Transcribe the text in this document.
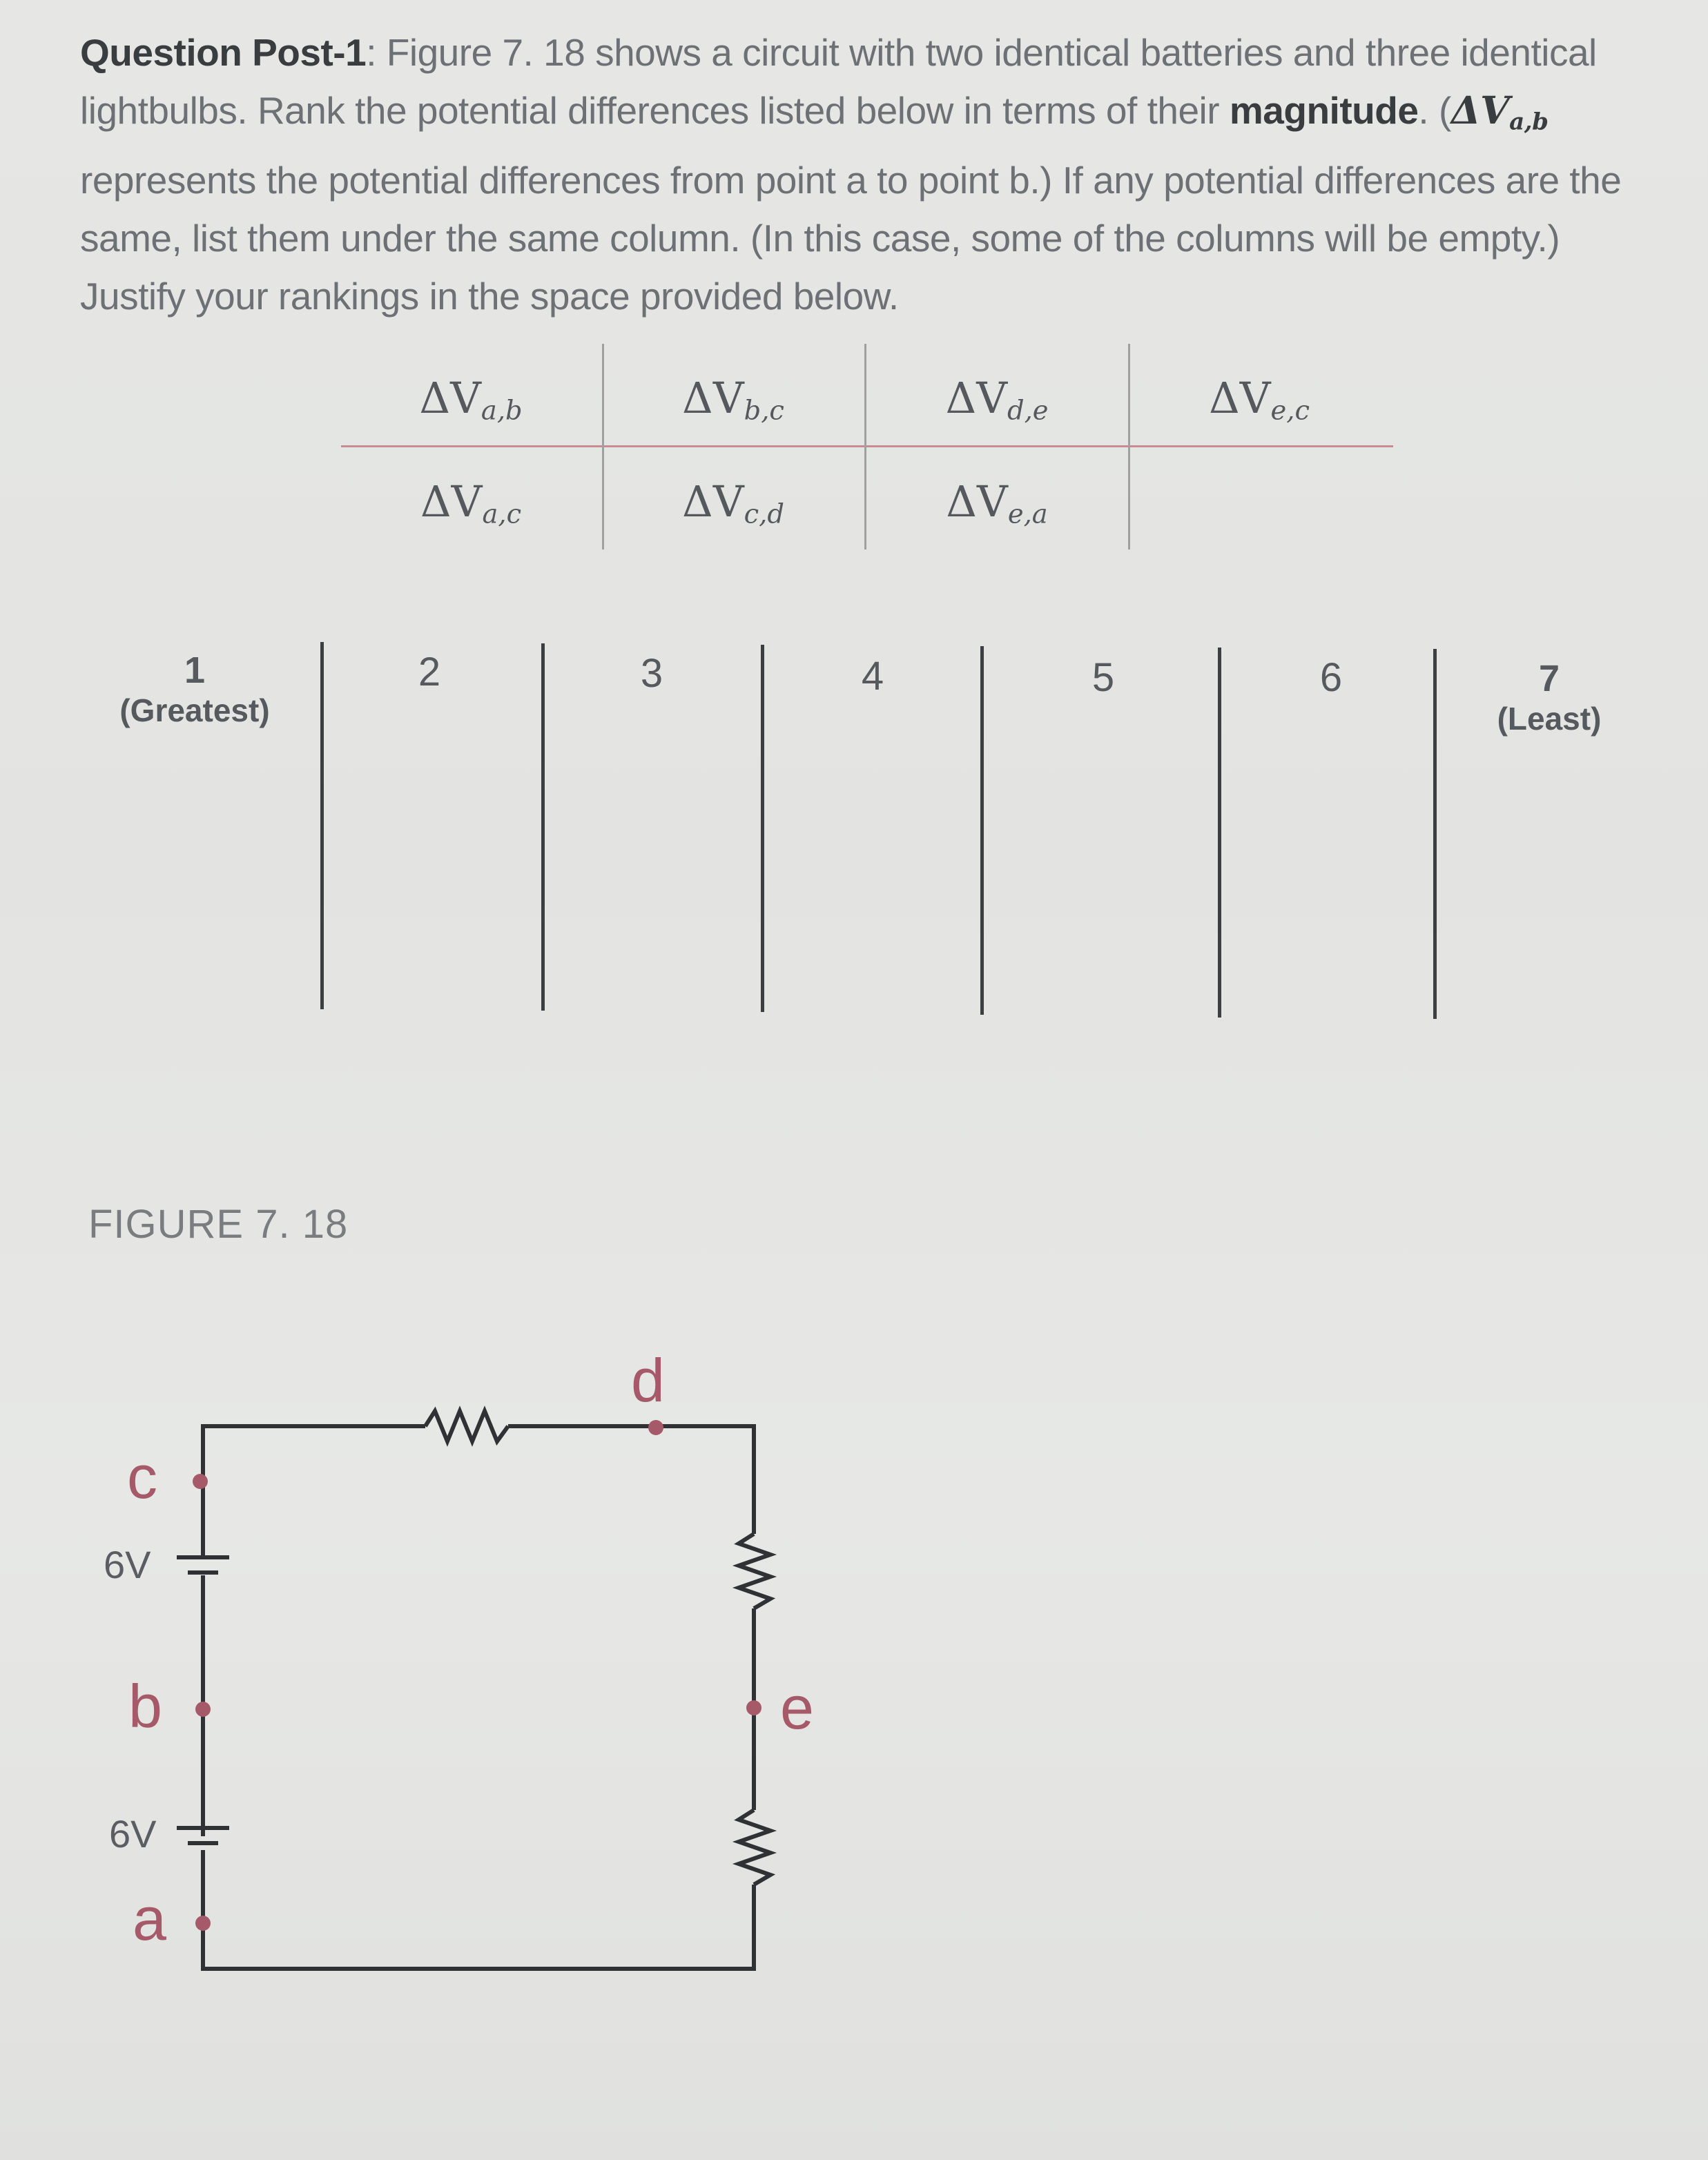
Question Post-1: Figure 7. 18 shows a circuit with two identical batteries and three identical lightbulbs. Rank the potential differences listed below in terms of their magnitude. ($\Delta V_{a,b}$ represents the potential differences from point a to point b.) If any potential differences are the same, list them under the same column. (In this case, some of the columns will be empty.) Justify your rankings in the space provided below.
$\Delta V_{a,b}$	$\Delta V_{b,c}$	$\Delta V_{d,e}$	$\Delta V_{e,c}$
$\Delta V_{a,c}$	$\Delta V_{c,d}$	$\Delta V_{e,a}$
1
(Greatest)
2	3	4	5	6	7
(Least)
FIGURE 7. 18
c
b
a
d
e
6V
6V
